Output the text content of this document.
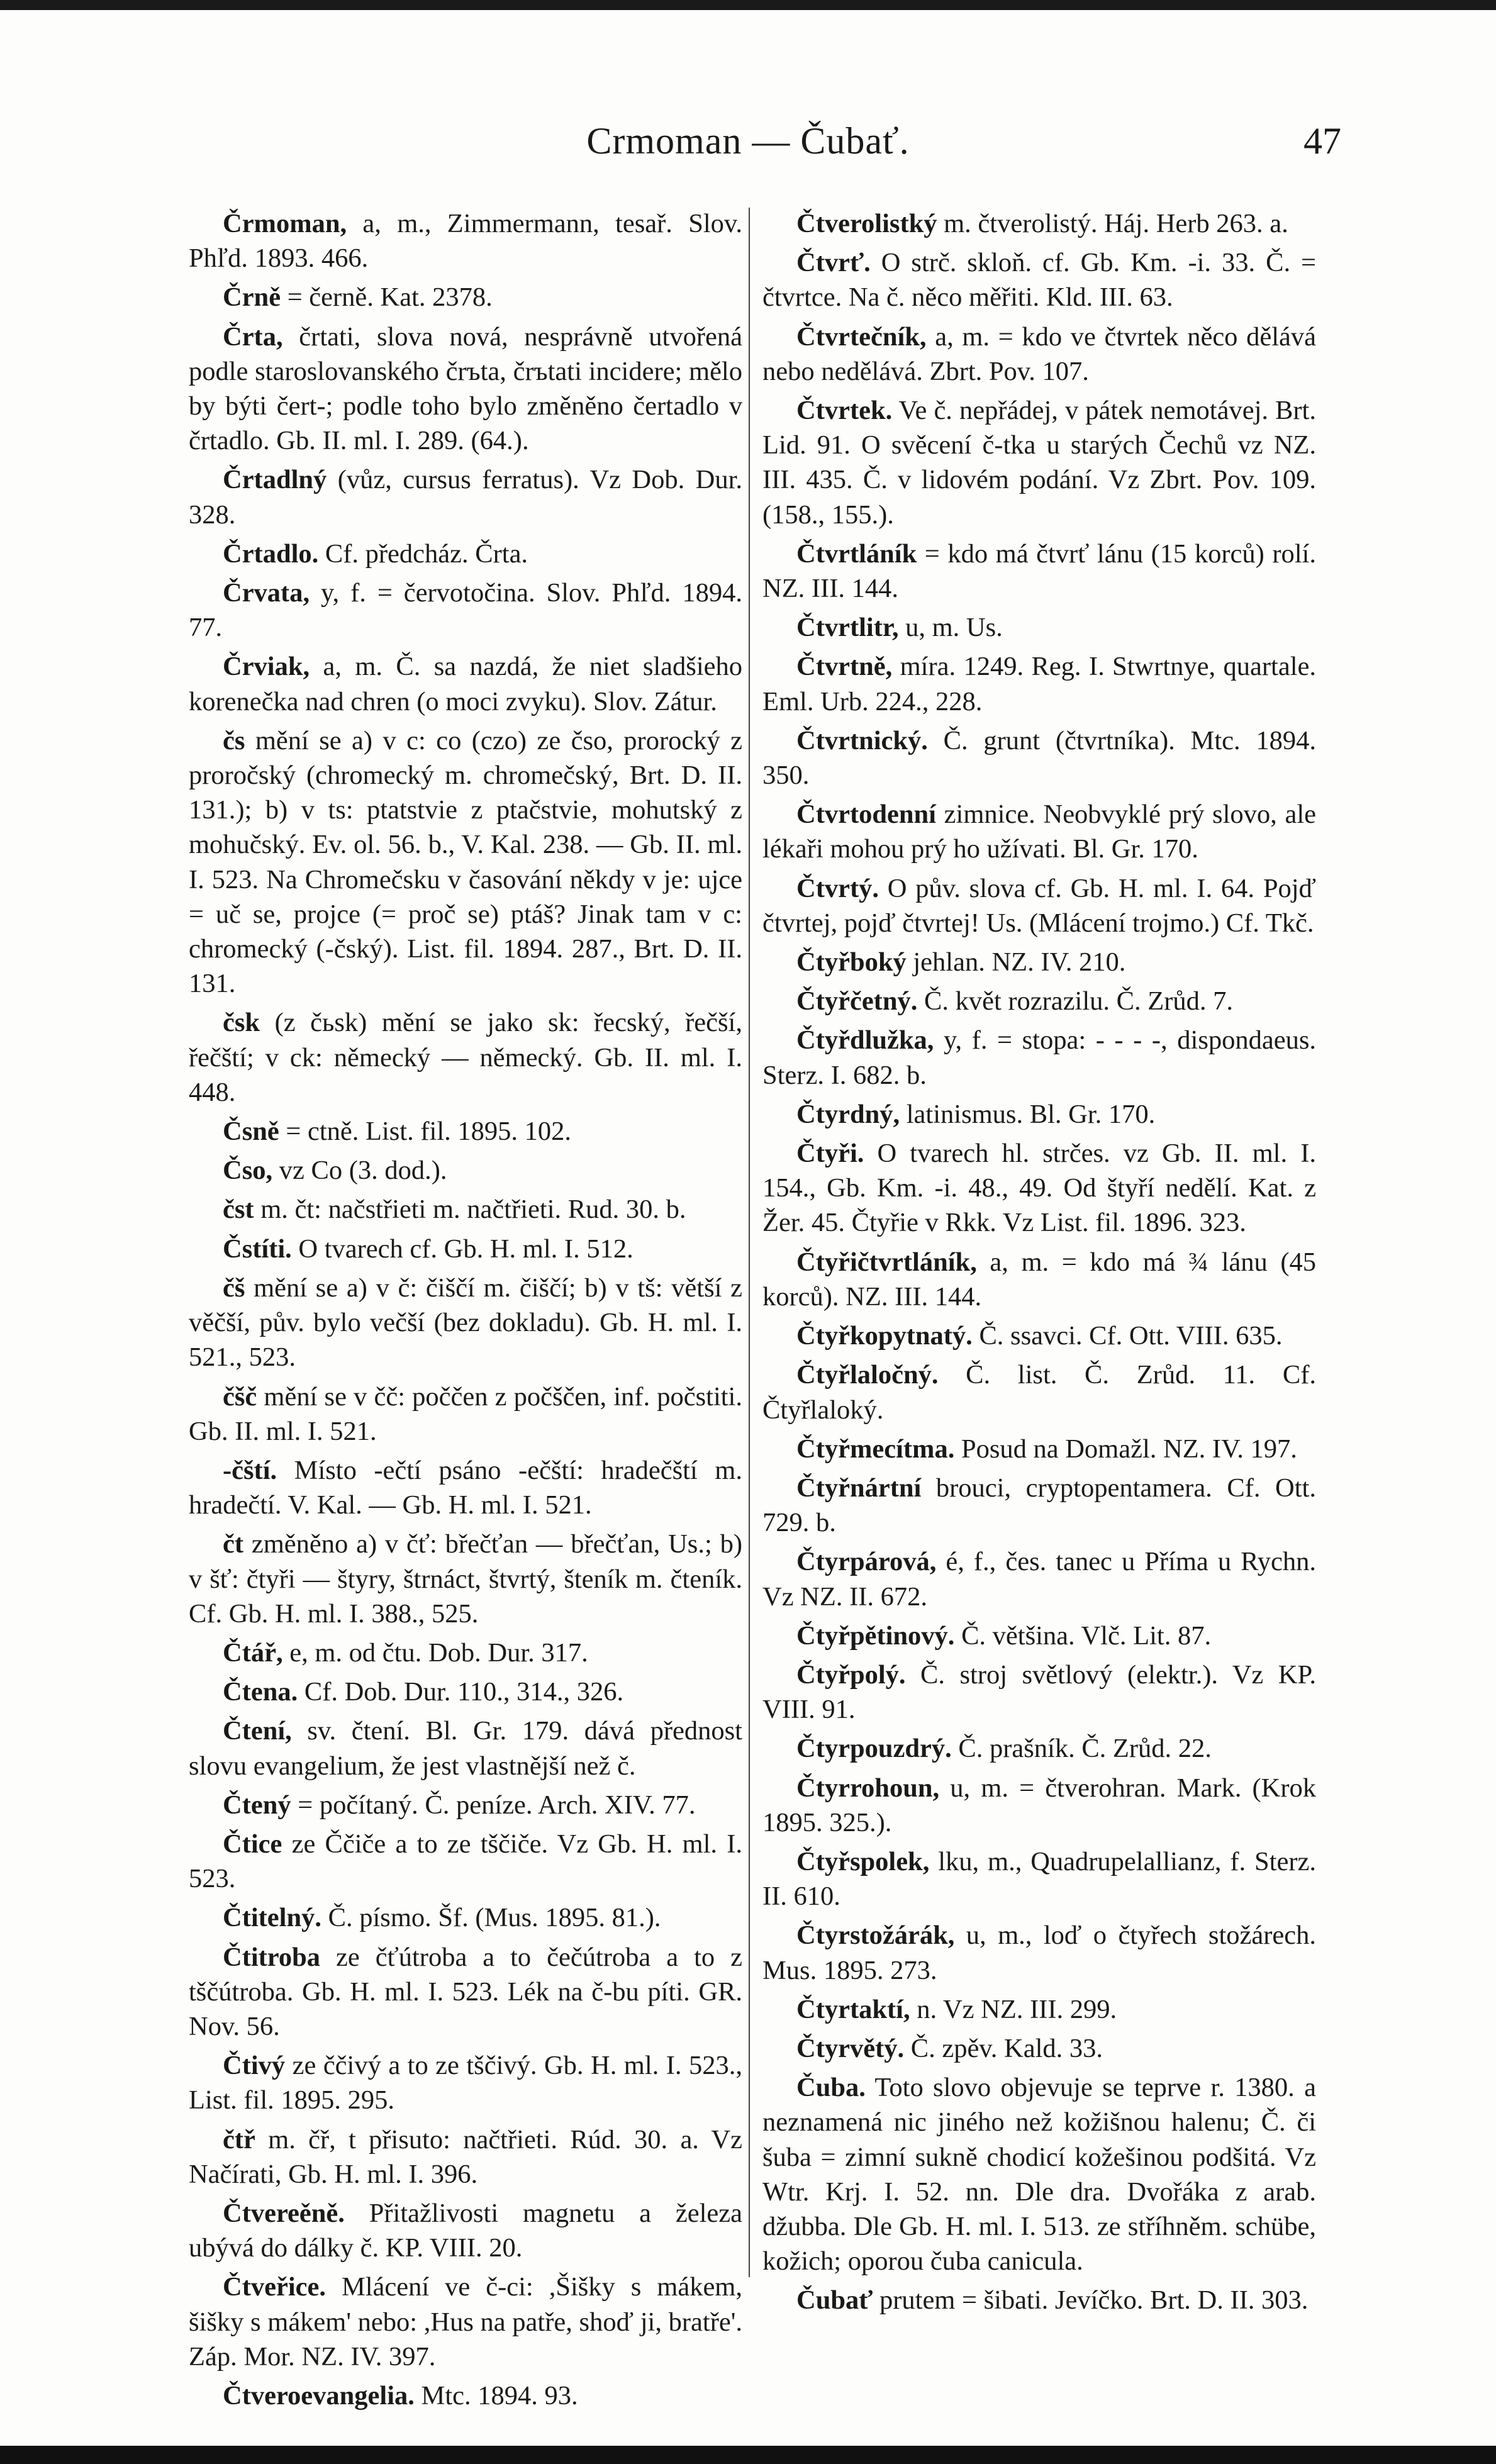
Crmoman — Čubať.	47

Črmoman, a, m., Zimmermann, tesař. Slov. Phľd. 1893. 466.

Črně = černě. Kat. 2378.

Črta, črtati, slova nová, nesprávně utvořená podle staroslovanského črъta, črъtati incidere; mělo by býti čert-; podle toho bylo změněno čertadlo v črtadlo. Gb. II. ml. I. 289. (64.).

Črtadlný (vůz, cursus ferratus). Vz Dob. Dur. 328.

Črtadlo. Cf. předcház. Črta.

Črvata, y, f. = červotočina. Slov. Phľd. 1894. 77.

Črviak, a, m. Č. sa nazdá, že niet sladšieho korenečka nad chren (o moci zvyku). Slov. Zátur.

čs mění se a) v c: co (czo) ze čso, prorocký z proročský (chromecký m. chromečský, Brt. D. II. 131.); b) v ts: ptatstvie z ptačstvie, mohutský z mohučský. Ev. ol. 56. b., V. Kal. 238. — Gb. II. ml. I. 523. Na Chromečsku v časování někdy v je: ujce = uč se, projce (= proč se) ptáš? Jinak tam v c: chromecký (-čský). List. fil. 1894. 287., Brt. D. II. 131.

čsk (z čьsk) mění se jako sk: řecský, řečší, řečští; v ck: německý — německý. Gb. II. ml. I. 448.

Čsně = ctně. List. fil. 1895. 102.

Čso, vz Co (3. dod.).

čst m. čt: načstřieti m. načtřieti. Rud. 30. b.

Čstíti. O tvarech cf. Gb. H. ml. I. 512.

čš mění se a) v č: čiščí m. čiščí; b) v tš: větší z věčší, pův. bylo večší (bez dokladu). Gb. H. ml. I. 521., 523.

čšč mění se v čč: poččen z počščen, inf. počstiti. Gb. II. ml. I. 521.

-čští. Místo -ečtí psáno -ečští: hradečští m. hradečtí. V. Kal. — Gb. H. ml. I. 521.

čt změněno a) v čť: břečťan — břečťan, Us.; b) v šť: čtyři — štyry, štrnáct, štvrtý, šteník m. čteník. Cf. Gb. H. ml. I. 388., 525.

Čtář, e, m. od čtu. Dob. Dur. 317.

Čtena. Cf. Dob. Dur. 110., 314., 326.

Čtení, sv. čtení. Bl. Gr. 179. dává přednost slovu evangelium, že jest vlastnější než č.

Čtený = počítaný. Č. peníze. Arch. XIV. 77.

Čtice ze Ččiče a to ze tščiče. Vz Gb. H. ml. I. 523.

Čtitelný. Č. písmo. Šf. (Mus. 1895. 81.).

Čtitroba ze čťútroba a to čečútroba a to z tščútroba. Gb. H. ml. I. 523. Lék na č-bu píti. GR. Nov. 56.

Čtivý ze ččivý a to ze tščivý. Gb. H. ml. I. 523., List. fil. 1895. 295.

čtř m. čř, t přisuto: načtřieti. Rúd. 30. a. Vz Načírati, Gb. H. ml. I. 396.

Čtvereěně. Přitažlivosti magnetu a železa ubývá do dálky č. KP. VIII. 20.

Čtveřice. Mlácení ve č-ci: ,Šišky s mákem, šišky s mákem' nebo: ,Hus na patře, shoď ji, bratře'. Záp. Mor. NZ. IV. 397.

Čtveroevangelia. Mtc. 1894. 93.

Čtverolistký m. čtverolistý. Háj. Herb 263. a.

Čtvrť. O strč. skloň. cf. Gb. Km. -i. 33. Č. = čtvrtce. Na č. něco měřiti. Kld. III. 63.

Čtvrtečník, a, m. = kdo ve čtvrtek něco dělává nebo nedělává. Zbrt. Pov. 107.

Čtvrtek. Ve č. nepřádej, v pátek nemotávej. Brt. Lid. 91. O svěcení č-tka u starých Čechů vz NZ. III. 435. Č. v lidovém podání. Vz Zbrt. Pov. 109. (158., 155.).

Čtvrtláník = kdo má čtvrť lánu (15 korců) rolí. NZ. III. 144.

Čtvrtlitr, u, m. Us.

Čtvrtně, míra. 1249. Reg. I. Stwrtnye, quartale. Eml. Urb. 224., 228.

Čtvrtnický. Č. grunt (čtvrtníka). Mtc. 1894. 350.

Čtvrtodenní zimnice. Neobvyklé prý slovo, ale lékaři mohou prý ho užívati. Bl. Gr. 170.

Čtvrtý. O pův. slova cf. Gb. H. ml. I. 64. Pojď čtvrtej, pojď čtvrtej! Us. (Mlácení trojmo.) Cf. Tkč.

Čtyřboký jehlan. NZ. IV. 210.

Čtyřčetný. Č. květ rozrazilu. Č. Zrůd. 7.

Čtyřdlužka, y, f. = stopa: - - - -, dispondaeus. Sterz. I. 682. b.

Čtyrdný, latinismus. Bl. Gr. 170.

Čtyři. O tvarech hl. strčes. vz Gb. II. ml. I. 154., Gb. Km. -i. 48., 49. Od štyří nedělí. Kat. z Žer. 45. Čtyřie v Rkk. Vz List. fil. 1896. 323.

Čtyřičtvrtláník, a, m. = kdo má ¾ lánu (45 korců). NZ. III. 144.

Čtyřkopytnatý. Č. ssavci. Cf. Ott. VIII. 635.

Čtyřlaločný. Č. list. Č. Zrůd. 11. Cf. Čtyřlaloký.

Čtyřmecítma. Posud na Domažl. NZ. IV. 197.

Čtyřnártní brouci, cryptopentamera. Cf. Ott. 729. b.

Čtyrpárová, é, f., čes. tanec u Příma u Rychn. Vz NZ. II. 672.

Čtyřpětinový. Č. většina. Vlč. Lit. 87.

Čtyřpolý. Č. stroj světlový (elektr.). Vz KP. VIII. 91.

Čtyrpouzdrý. Č. prašník. Č. Zrůd. 22.

Čtyrrohoun, u, m. = čtverohran. Mark. (Krok 1895. 325.).

Čtyřspolek, lku, m., Quadrupelallianz, f. Sterz. II. 610.

Čtyrstožárák, u, m., loď o čtyřech stožárech. Mus. 1895. 273.

Čtyrtaktí, n. Vz NZ. III. 299.

Čtyrvětý. Č. zpěv. Kald. 33.

Čuba. Toto slovo objevuje se teprve r. 1380. a neznamená nic jiného než kožišnou halenu; Č. či šuba = zimní sukně chodicí kožešinou podšitá. Vz Wtr. Krj. I. 52. nn. Dle dra. Dvořáka z arab. džubba. Dle Gb. H. ml. I. 513. ze stříhněm. schübe, kožich; oporou čuba canicula.

Čubať prutem = šibati. Jevíčko. Brt. D. II. 303.
